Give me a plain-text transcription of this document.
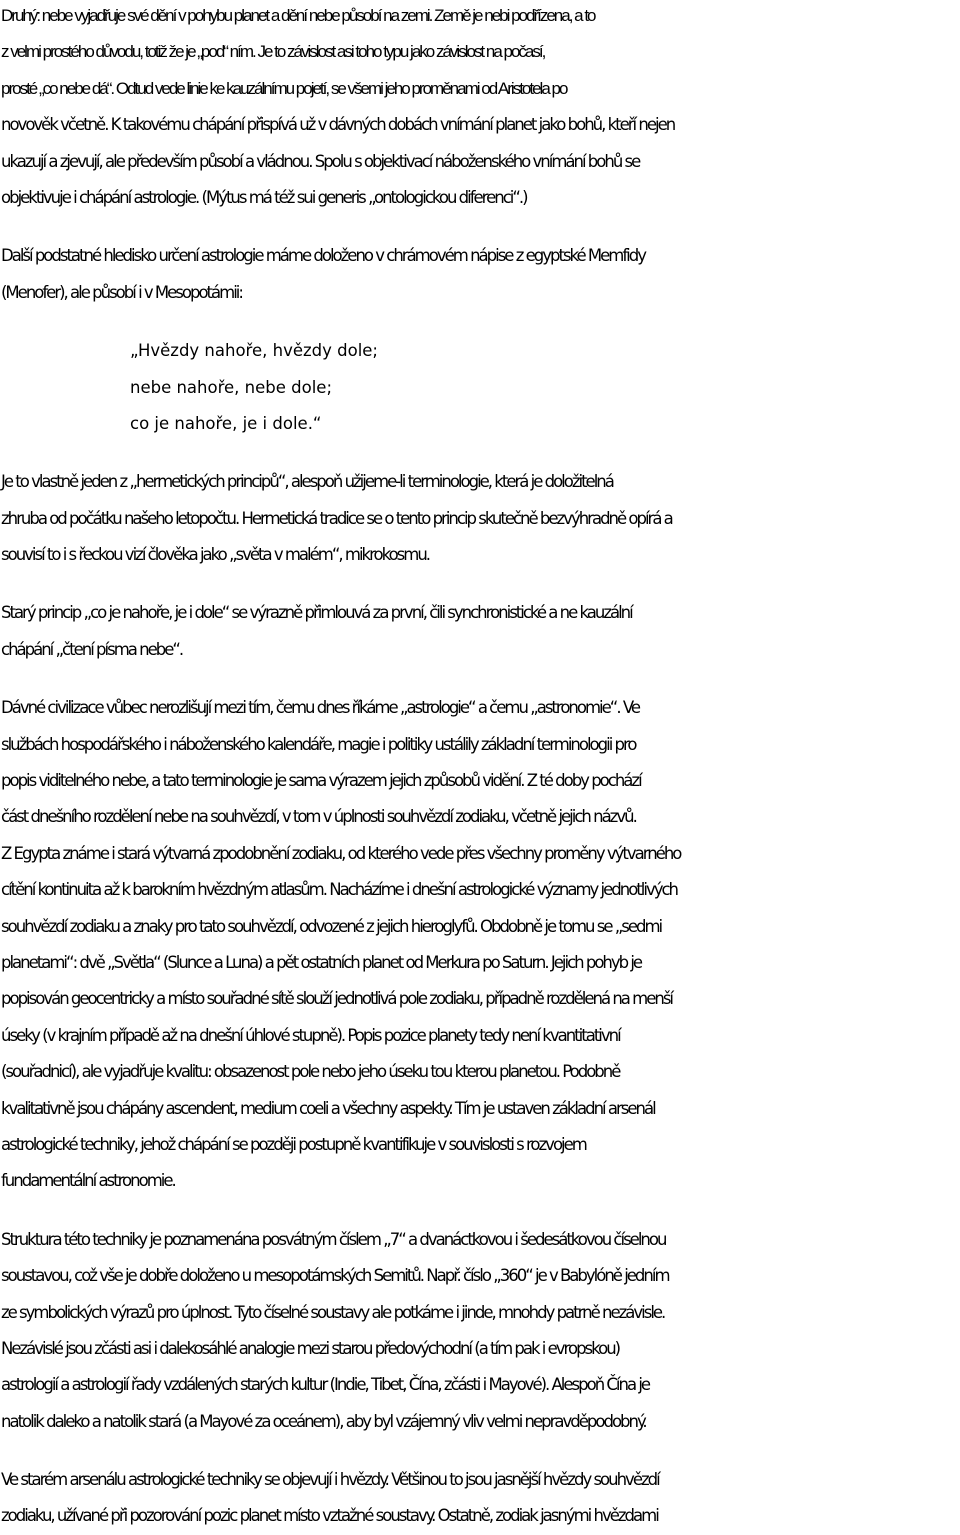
Druhý: nebe vyjadřuje své dění v pohybu planet a dění nebe působí na zemi. Země je nebi podřízena, a to
z velmi prostého důvodu, totiž že je „pod“ ním. Je to závislost asi toho typu jako závislost na počasí,
prosté „co nebe dá“. Odtud vede linie ke kauzálnímu pojetí, se všemi jeho proměnami od Aristotela po
novověk včetně. K takovému chápání přispívá už v dávných dobách vnímání planet jako bohů, kteří nejen
ukazují a zjevují, ale především působí a vládnou. Spolu s objektivací náboženského vnímání bohů se
objektivuje i chápání astrologie. (Mýtus má též sui generis „ontologickou diferenci“.)
Další podstatné hledisko určení astrologie máme doloženo v chrámovém nápise z egyptské Memfidy
(Menofer), ale působí i v Mesopotámii:
„Hvězdy nahoře, hvězdy dole;
nebe nahoře, nebe dole;
co je nahoře, je i dole.“
Je to vlastně jeden z „hermetických principů“, alespoň užijeme-li terminologie, která je doložitelná
zhruba od počátku našeho letopočtu. Hermetická tradice se o tento princip skutečně bezvýhradně opírá a
souvisí to i s řeckou vizí člověka jako „světa v malém“, mikrokosmu.
Starý princip „co je nahoře, je i dole“ se výrazně přimlouvá za první, čili synchronistické a ne kauzální
chápání „čtení písma nebe“.
Dávné civilizace vůbec nerozlišují mezi tím, čemu dnes říkáme „astrologie“ a čemu „astronomie“. Ve
službách hospodářského i náboženského kalendáře, magie i politiky ustálily základní terminologii pro
popis viditelného nebe, a tato terminologie je sama výrazem jejich způsobů vidění. Z té doby pochází
část dnešního rozdělení nebe na souhvězdí, v tom v úplnosti souhvězdí zodiaku, včetně jejich názvů.
Z Egypta známe i stará výtvarná zpodobnění zodiaku, od kterého vede přes všechny proměny výtvarného
cítění kontinuita až k barokním hvězdným atlasům. Nacházíme i dnešní astrologické významy jednotlivých
souhvězdí zodiaku a znaky pro tato souhvězdí, odvozené z jejich hieroglyfů. Obdobně je tomu se „sedmi
planetami“: dvě „Světla“ (Slunce a Luna) a pět ostatních planet od Merkura po Saturn. Jejich pohyb je
popisován geocentricky a místo souřadné sítě slouží jednotlivá pole zodiaku, případně rozdělená na menší
úseky (v krajním případě až na dnešní úhlové stupně). Popis pozice planety tedy není kvantitativní
(souřadnicí), ale vyjadřuje kvalitu: obsazenost pole nebo jeho úseku tou kterou planetou. Podobně
kvalitativně jsou chápány ascendent, medium coeli a všechny aspekty. Tím je ustaven základní arsenál
astrologické techniky, jehož chápání se později postupně kvantifikuje v souvislosti s rozvojem
fundamentální astronomie.
Struktura této techniky je poznamenána posvátným číslem „7“ a dvanáctkovou i šedesátkovou číselnou
soustavou, což vše je dobře doloženo u mesopotámských Semitů. Např. číslo „360“ je v Babylóně jedním
ze symbolických výrazů pro úplnost. Tyto číselné soustavy ale potkáme i jinde, mnohdy patrně nezávisle.
Nezávislé jsou zčásti asi i dalekosáhlé analogie mezi starou předovýchodní (a tím pak i evropskou)
astrologií a astrologií řady vzdálených starých kultur (Indie, Tibet, Čína, zčásti i Mayové). Alespoň Čína je
natolik daleko a natolik stará (a Mayové za oceánem), aby byl vzájemný vliv velmi nepravděpodobný.
Ve starém arsenálu astrologické techniky se objevují i hvězdy. Většinou to jsou jasnější hvězdy souhvězdí
zodiaku, užívané při pozorování pozic planet místo vztažné soustavy. Ostatně, zodiak jasnými hvězdami
